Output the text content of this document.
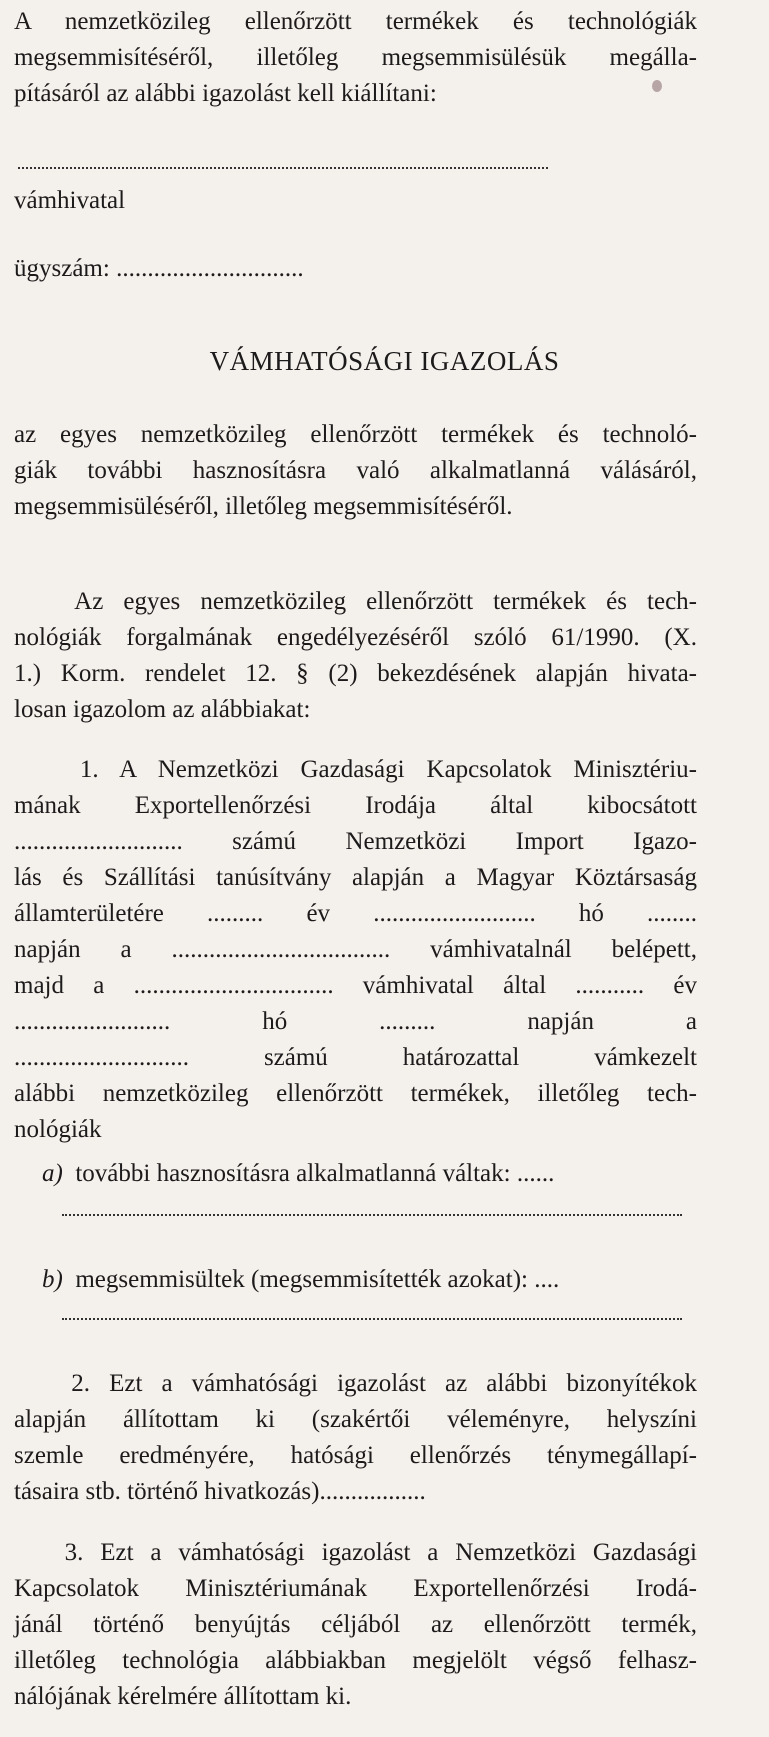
A nemzetközileg ellenőrzött termékek és technológiák
megsemmisítéséről, illetőleg megsemmisülésük megálla-
pításáról az alábbi igazolást kell kiállítani:

vámhivatal

ügyszám: ..............................

VÁMHATÓSÁGI IGAZOLÁS

az egyes nemzetközileg ellenőrzött termékek és technoló-
giák további hasznosításra való alkalmatlanná válásáról,
megsemmisüléséről, illetőleg megsemmisítéséről.

Az egyes nemzetközileg ellenőrzött termékek és tech-
nológiák forgalmának engedélyezéséről szóló 61/1990. (X.
1.) Korm. rendelet 12. § (2) bekezdésének alapján hivata-
losan igazolom az alábbiakat:

1. A Nemzetközi Gazdasági Kapcsolatok Minisztériu-
mának Exportellenőrzési Irodája által kibocsátott
........................... számú Nemzetközi Import Igazo-
lás és Szállítási tanúsítvány alapján a Magyar Köztársaság
államterületére ......... év .......................... hó ........
napján a ................................... vámhivatalnál belépett,
majd a ................................ vámhivatal által ........... év
......................... hó ......... napján a
............................ számú határozattal vámkezelt
alábbi nemzetközileg ellenőrzött termékek, illetőleg tech-
nológiák

a) további hasznosításra alkalmatlanná váltak: ......

b) megsemmisültek (megsemmisítették azokat): ....

2. Ezt a vámhatósági igazolást az alábbi bizonyítékok
alapján állítottam ki (szakértői véleményre, helyszíni
szemle eredményére, hatósági ellenőrzés ténymegállapí-
tásaira stb. történő hivatkozás).................

3. Ezt a vámhatósági igazolást a Nemzetközi Gazdasági
Kapcsolatok Minisztériumának Exportellenőrzési Irodá-
jánál történő benyújtás céljából az ellenőrzött termék,
illetőleg technológia alábbiakban megjelölt végső felhasz-
nálójának kérelmére állítottam ki.
